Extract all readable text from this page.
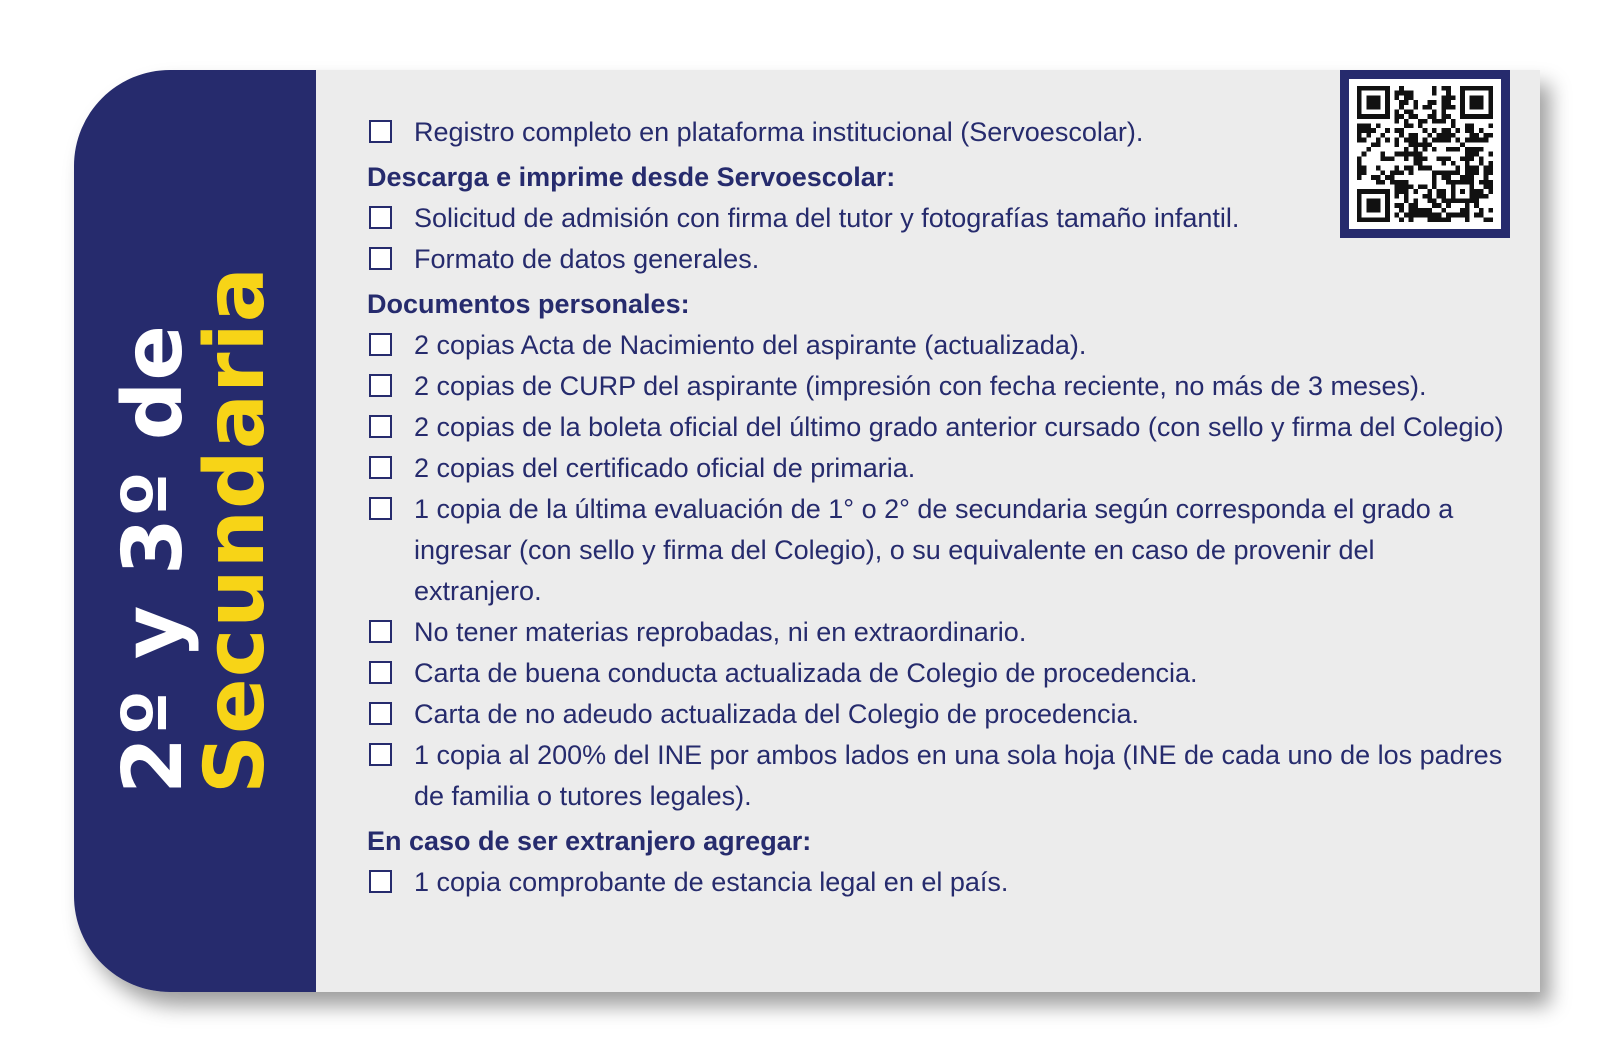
2º y 3º de
Secundaria
Registro completo en plataforma institucional (Servoescolar).
Descarga e imprime desde Servoescolar:
Solicitud de admisión con firma del tutor y fotografías tamaño infantil.
Formato de datos generales.
Documentos personales:
2 copias Acta de Nacimiento del aspirante (actualizada).
2 copias de CURP del aspirante (impresión con fecha reciente, no más de 3 meses).
2 copias de la boleta oficial del último grado anterior cursado (con sello y firma del Colegio)
2 copias del certificado oficial de primaria.
1 copia de la última evaluación de 1° o 2° de secundaria según corresponda el grado a ingresar (con sello y firma del Colegio), o su equivalente en caso de provenir del extranjero.
No tener materias reprobadas, ni en extraordinario.
Carta de buena conducta actualizada de Colegio de procedencia.
Carta de no adeudo actualizada del Colegio de procedencia.
1 copia al 200% del INE por ambos lados en una sola hoja (INE de cada uno de los padres de familia o tutores legales).
En caso de ser extranjero agregar:
1 copia comprobante de estancia legal en el país.
